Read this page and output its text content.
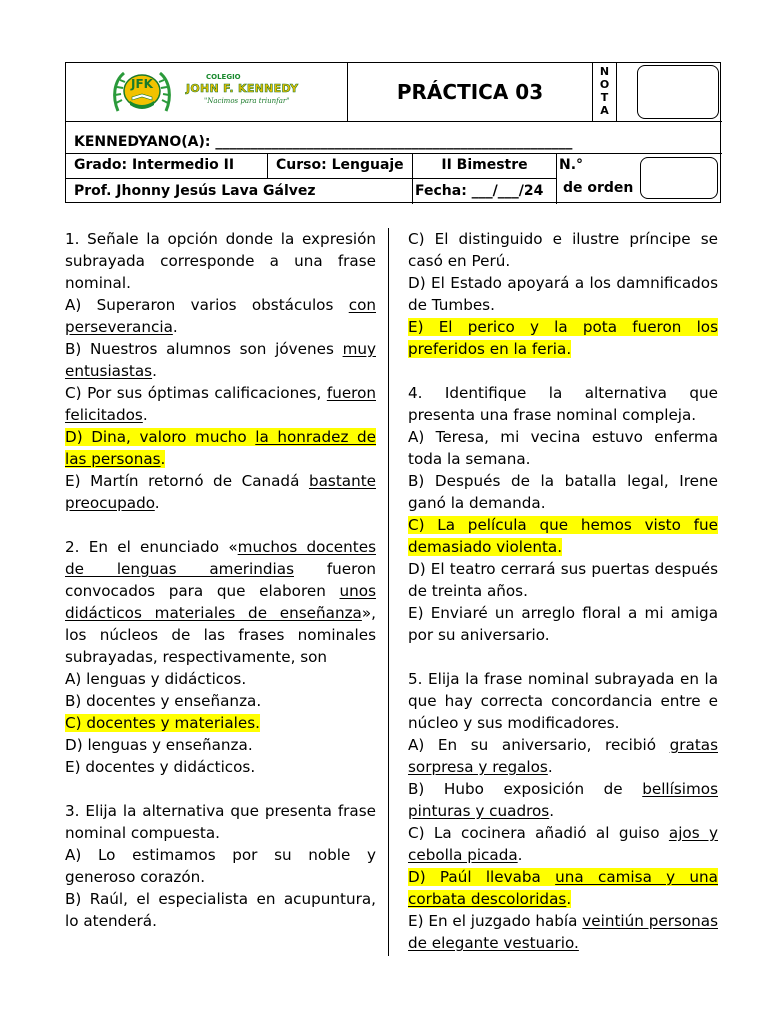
JFK	COLEGIO
JOHN F. KENNEDY
"Nacimos para triunfar"	PRÁCTICA 03
N
O
T
A
KENNEDYANO(A): ___________________________________________________
Grado: Intermedio II	Curso: Lenguaje	II Bimestre	N.°
Prof. Jhonny Jesús Lava Gálvez	Fecha: ___/___/24	de orden

1. Señale la opción donde la expresión subrayada corresponde a una frase nominal.

A) Superaron varios obstáculos con perseverancia.

B) Nuestros alumnos son jóvenes muy entusiastas.

C) Por sus óptimas calificaciones, fueron felicitados.

D) Dina, valoro mucho la honradez de las personas.

E) Martín retornó de Canadá bastante preocupado.

2. En el enunciado «muchos docentes de lenguas amerindias fueron convocados para que elaboren unos didácticos materiales de enseñanza», los núcleos de las frases nominales subrayadas, respectivamente, son

A) lenguas y didácticos.

B) docentes y enseñanza.

C) docentes y materiales.

D) lenguas y enseñanza.

E) docentes y didácticos.

3. Elija la alternativa que presenta frase nominal compuesta.

A) Lo estimamos por su noble y generoso corazón.

B) Raúl, el especialista en acupuntura, lo atenderá.

C) El distinguido e ilustre príncipe se casó en Perú.

D) El Estado apoyará a los damnificados de Tumbes.

E) El perico y la pota fueron los preferidos en la feria.

4. Identifique la alternativa que presenta una frase nominal compleja.

A) Teresa, mi vecina estuvo enferma toda la semana.

B) Después de la batalla legal, Irene ganó la demanda.

C) La película que hemos visto fue demasiado violenta.

D) El teatro cerrará sus puertas después de treinta años.

E) Enviaré un arreglo floral a mi amiga por su aniversario.

5. Elija la frase nominal subrayada en la que hay correcta concordancia entre e núcleo y sus modificadores.

A) En su aniversario, recibió gratas sorpresa y regalos.

B) Hubo exposición de bellísimos pinturas y cuadros.

C) La cocinera añadió al guiso ajos y cebolla picada.

D) Paúl llevaba una camisa y una corbata descoloridas.

E) En el juzgado había veintiún personas de elegante vestuario.
